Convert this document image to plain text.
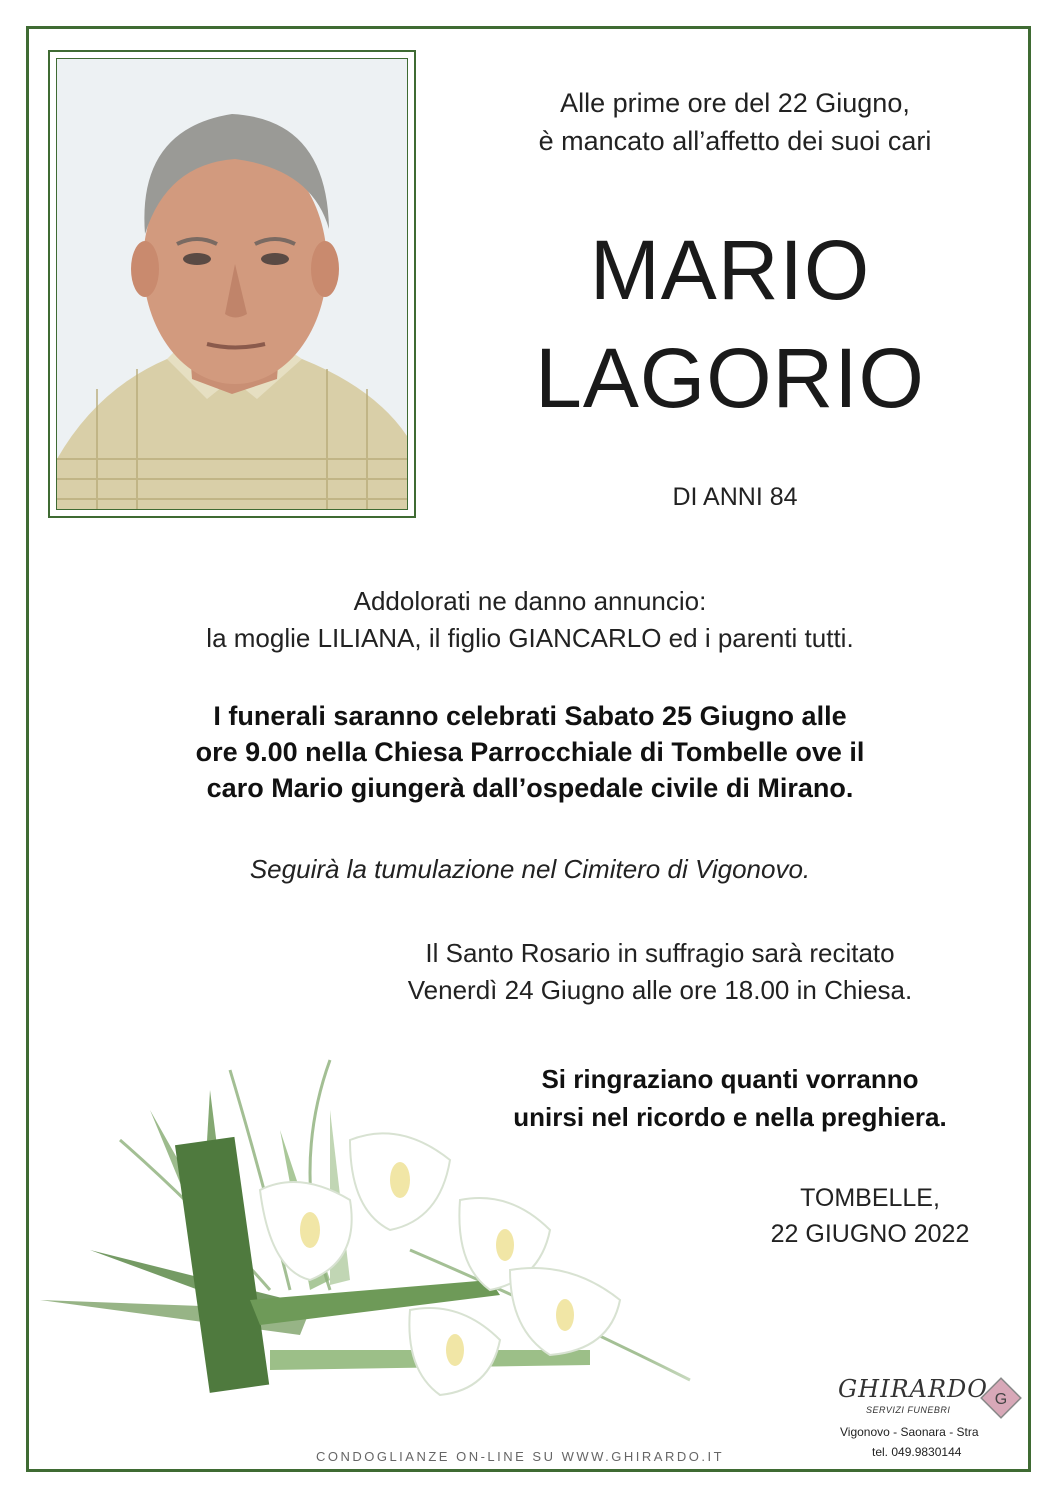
Alle prime ore del 22 Giugno,
è mancato all’affetto dei suoi cari
MARIO
LAGORIO
DI ANNI 84
Addolorati ne danno annuncio:
la moglie LILIANA, il figlio GIANCARLO ed i parenti tutti.
I funerali saranno celebrati Sabato 25 Giugno alle
ore 9.00 nella Chiesa Parrocchiale di Tombelle ove il
caro Mario giungerà dall’ospedale civile di Mirano.
Seguirà la tumulazione nel Cimitero di Vigonovo.
Il Santo Rosario in suffragio sarà recitato
Venerdì 24 Giugno alle ore 18.00 in Chiesa.
Si ringraziano quanti vorranno
unirsi nel ricordo e nella preghiera.
TOMBELLE,
22 GIUGNO 2022
GHIRARDO
SERVIZI FUNEBRI
G
Vigonovo - Saonara - Stra
tel. 049.9830144
CONDOGLIANZE ON-LINE SU WWW.GHIRARDO.IT
